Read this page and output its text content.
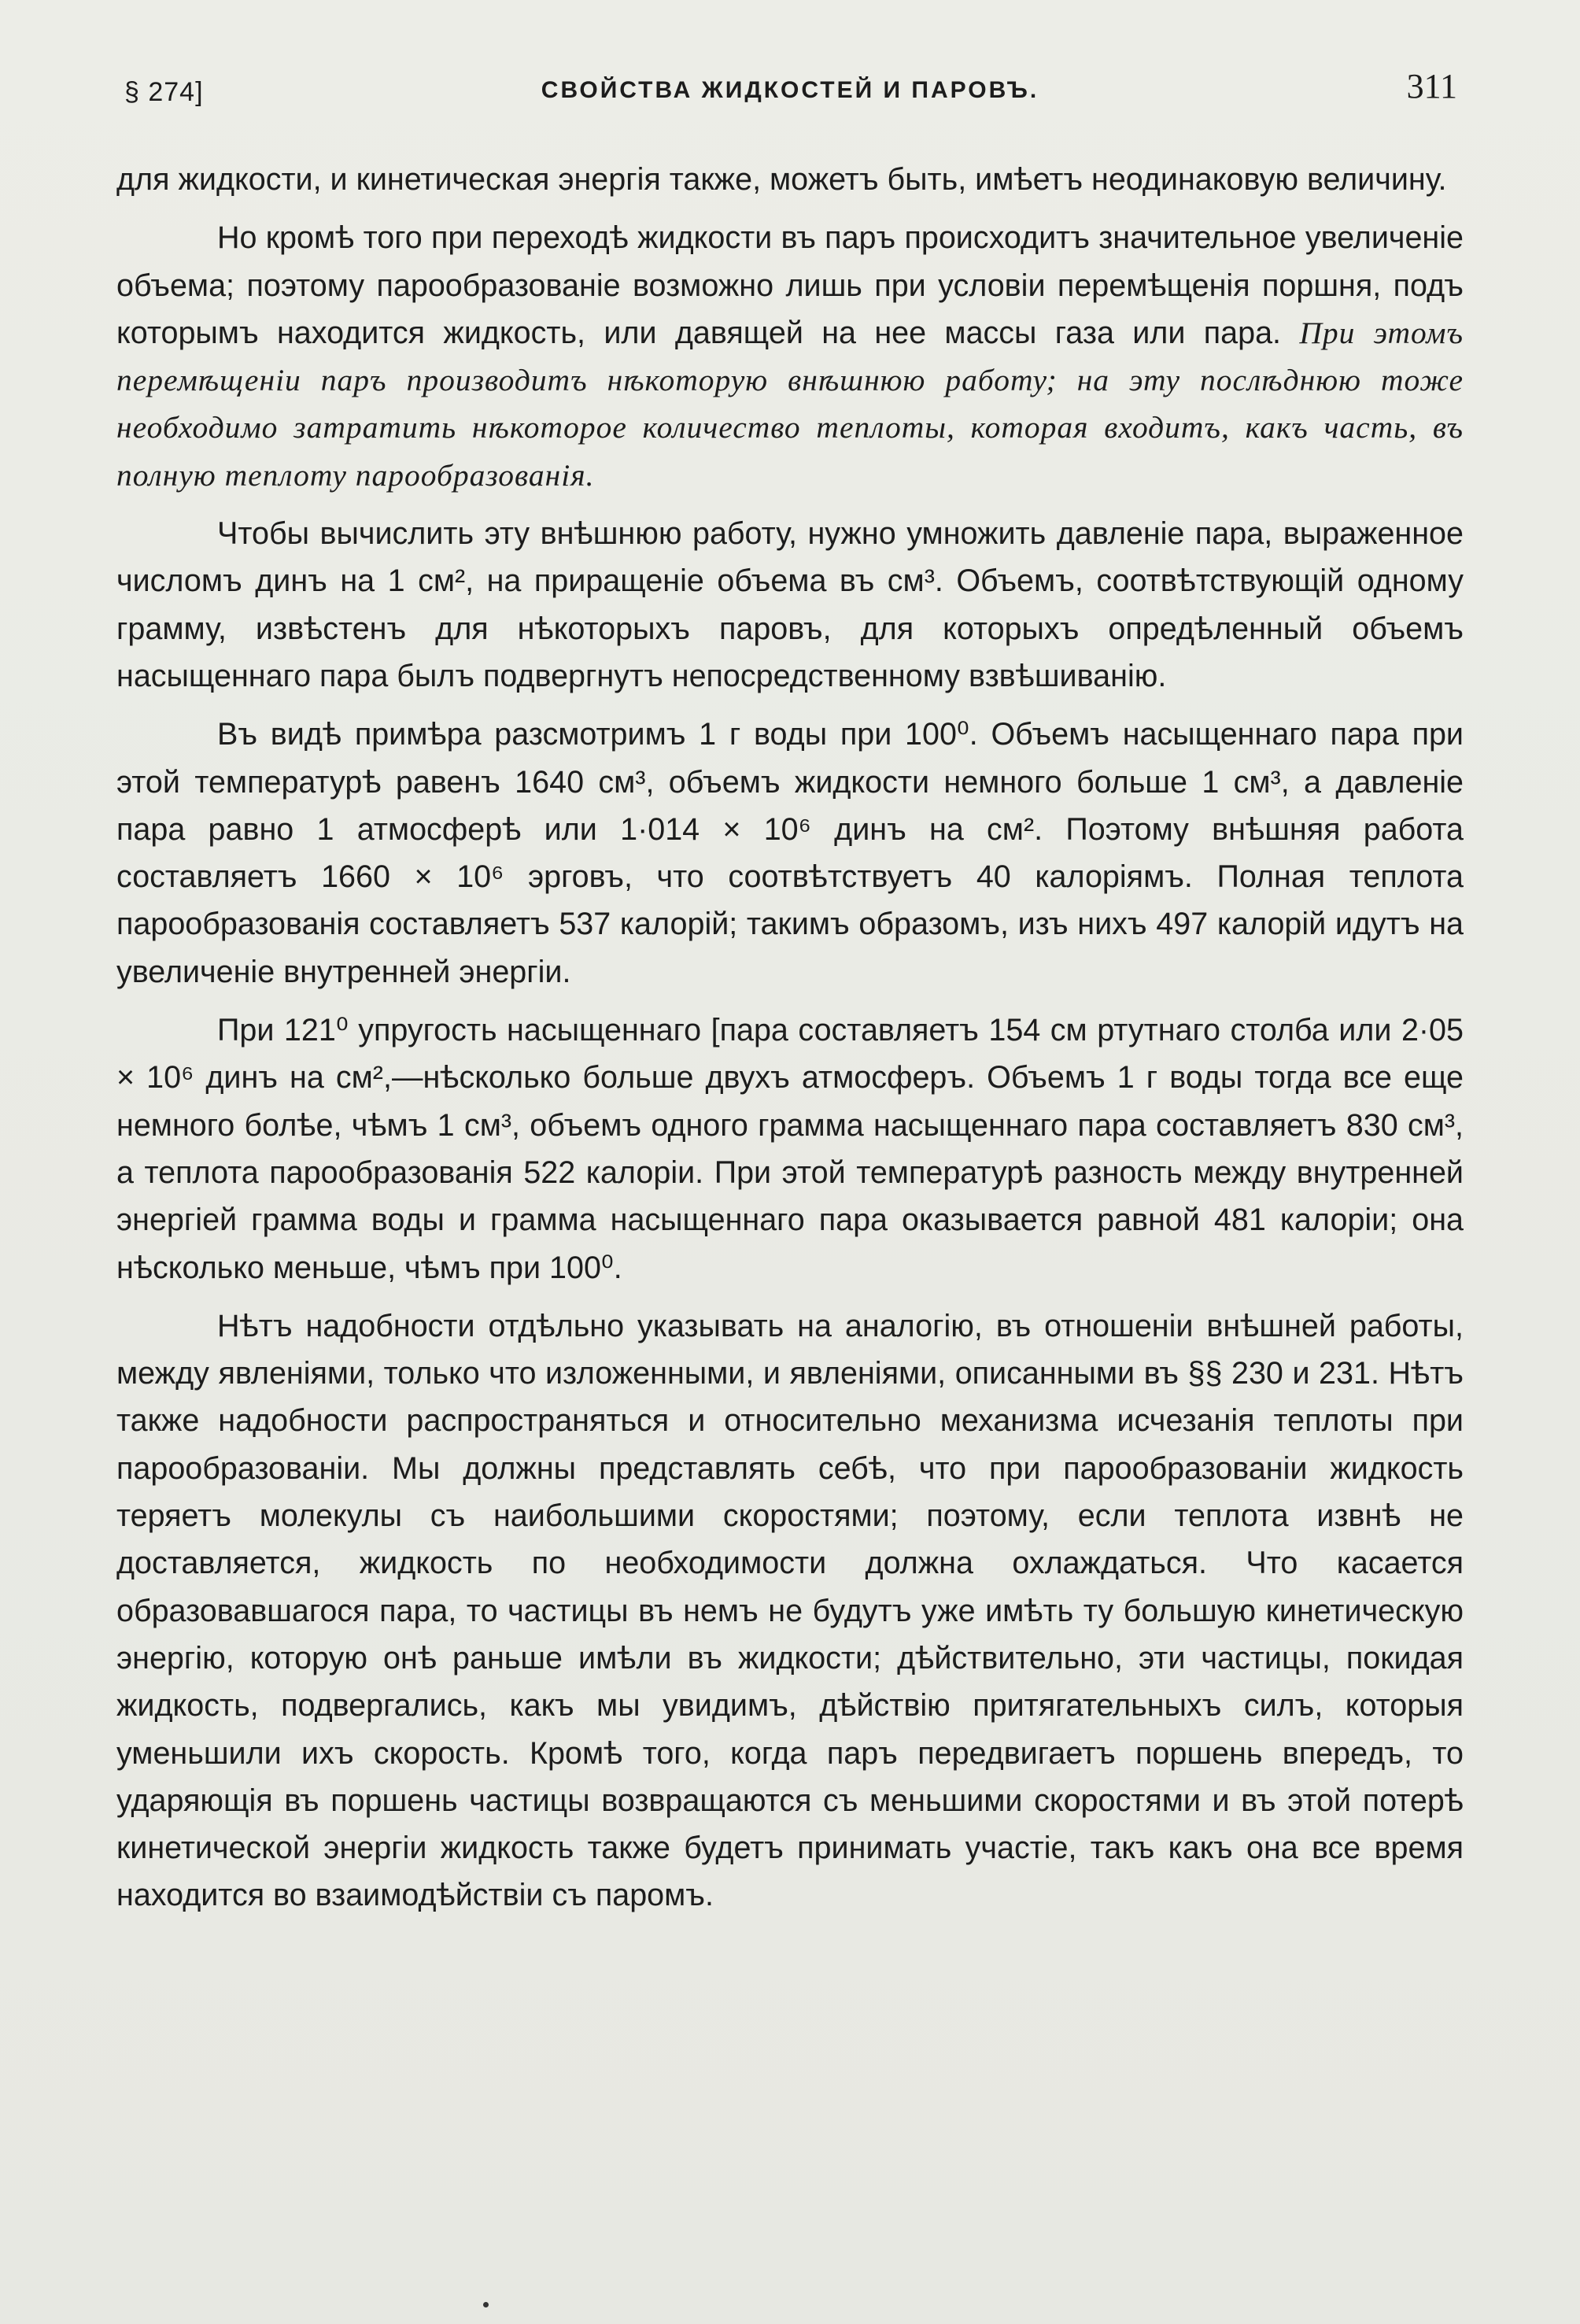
§ 274]	СВОЙСТВА ЖИДКОСТЕЙ И ПАРОВЪ.	311

для жидкости, и кинетическая энергія также, можетъ быть, имѣетъ неодинаковую величину.

Но кромѣ того при переходѣ жидкости въ паръ происходитъ значительное увеличеніе объема; поэтому парообразованіе возможно лишь при условіи перемѣщенія поршня, подъ которымъ находится жидкость, или давящей на нее массы газа или пара. При этомъ перемѣщеніи паръ производитъ нѣкоторую внѣшнюю работу; на эту послѣднюю тоже необходимо затратить нѣкоторое количество теплоты, которая входитъ, какъ часть, въ полную теплоту парообразованія.

Чтобы вычислить эту внѣшнюю работу, нужно умножить давленіе пара, выраженное числомъ динъ на 1 см², на приращеніе объема въ см³. Объемъ, соотвѣтствующій одному грамму, извѣстенъ для нѣкоторыхъ паровъ, для которыхъ опредѣленный объемъ насыщеннаго пара былъ подвергнутъ непосредственному взвѣшиванію.

Въ видѣ примѣра разсмотримъ 1 г воды при 100⁰. Объемъ насыщеннаго пара при этой температурѣ равенъ 1640 см³, объемъ жидкости немного больше 1 см³, а давленіе пара равно 1 атмосферѣ или 1·014 × 10⁶ динъ на см². Поэтому внѣшняя работа составляетъ 1660 × 10⁶ эрговъ, что соотвѣтствуетъ 40 калоріямъ. Полная теплота парообразованія составляетъ 537 калорій; такимъ образомъ, изъ нихъ 497 калорій идутъ на увеличеніе внутренней энергіи.

При 121⁰ упругость насыщеннаго [пара составляетъ 154 см ртутнаго столба или 2·05 × 10⁶ динъ на см²,—нѣсколько больше двухъ атмосферъ. Объемъ 1 г воды тогда все еще немного болѣе, чѣмъ 1 см³, объемъ одного грамма насыщеннаго пара составляетъ 830 см³, а теплота парообразованія 522 калоріи. При этой температурѣ разность между внутренней энергіей грамма воды и грамма насыщеннаго пара оказывается равной 481 калоріи; она нѣсколько меньше, чѣмъ при 100⁰.

Нѣтъ надобности отдѣльно указывать на аналогію, въ отношеніи внѣшней работы, между явленіями, только что изложенными, и явленіями, описанными въ §§ 230 и 231. Нѣтъ также надобности распространяться и относительно механизма исчезанія теплоты при парообразованіи. Мы должны представлять себѣ, что при парообразованіи жидкость теряетъ молекулы съ наибольшими скоростями; поэтому, если теплота извнѣ не доставляется, жидкость по необходимости должна охлаждаться. Что касается образовавшагося пара, то частицы въ немъ не будутъ уже имѣть ту большую кинетическую энергію, которую онѣ раньше имѣли въ жидкости; дѣйствительно, эти частицы, покидая жидкость, подвергались, какъ мы увидимъ, дѣйствію притягательныхъ силъ, которыя уменьшили ихъ скорость. Кромѣ того, когда паръ передвигаетъ поршень впередъ, то ударяющія въ поршень частицы возвращаются съ меньшими скоростями и въ этой потерѣ кинетической энергіи жидкость также будетъ принимать участіе, такъ какъ она все время находится во взаимодѣйствіи съ паромъ.
